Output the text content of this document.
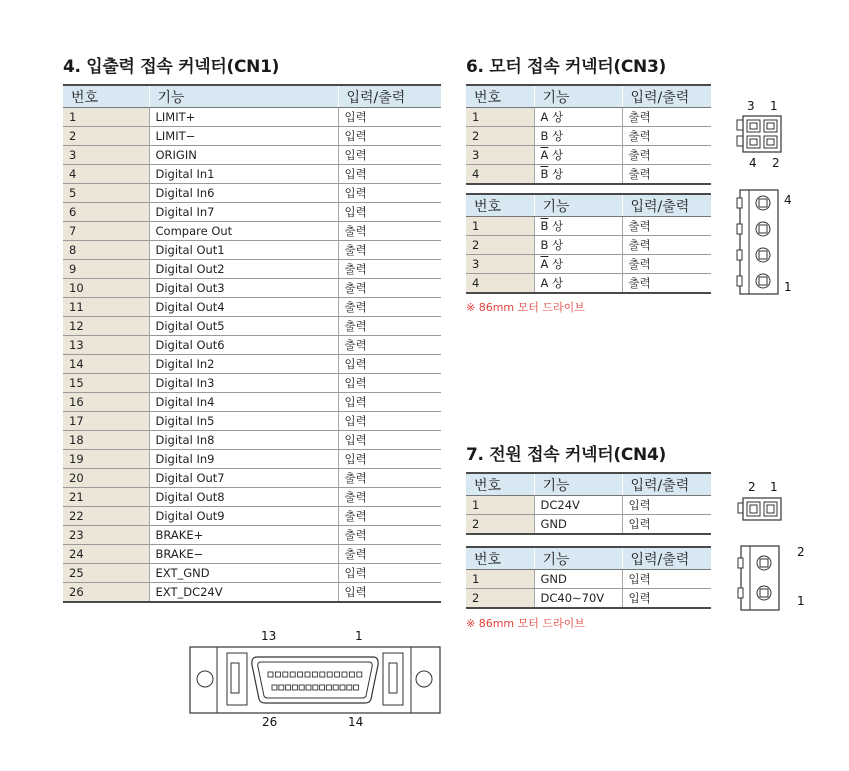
4. 입출력 접속 커넥터(CN1)
번호	기능	입력/출력
1	LIMIT+	입력
2	LIMIT−	입력
3	ORIGIN	입력
4	Digital In1	입력
5	Digital In6	입력
6	Digital In7	입력
7	Compare Out	출력
8	Digital Out1	출력
9	Digital Out2	출력
10	Digital Out3	출력
11	Digital Out4	출력
12	Digital Out5	출력
13	Digital Out6	출력
14	Digital In2	입력
15	Digital In3	입력
16	Digital In4	입력
17	Digital In5	입력
18	Digital In8	입력
19	Digital In9	입력
20	Digital Out7	출력
21	Digital Out8	출력
22	Digital Out9	출력
23	BRAKE+	출력
24	BRAKE−	출력
25	EXT_GND	입력
26	EXT_DC24V	입력
13	1
26	14
6. 모터 접속 커넥터(CN3)
번호	기능	입력/출력
1	A 상	출력
2	B 상	출력
3	$\overline{A}$ 상	출력
4	$\overline{B}$ 상	출력
번호	기능	입력/출력
1	$\overline{B}$ 상	출력
2	B 상	출력
3	$\overline{A}$ 상	출력
4	A 상	출력
※ 86mm 모터 드라이브
3 1
4 2
4
1
7. 전원 접속 커넥터(CN4)
번호	기능	입력/출력
1	DC24V	입력
2	GND	입력
번호	기능	입력/출력
1	GND	입력
2	DC40∼70V	입력
※ 86mm 모터 드라이브
2 1
2
1
